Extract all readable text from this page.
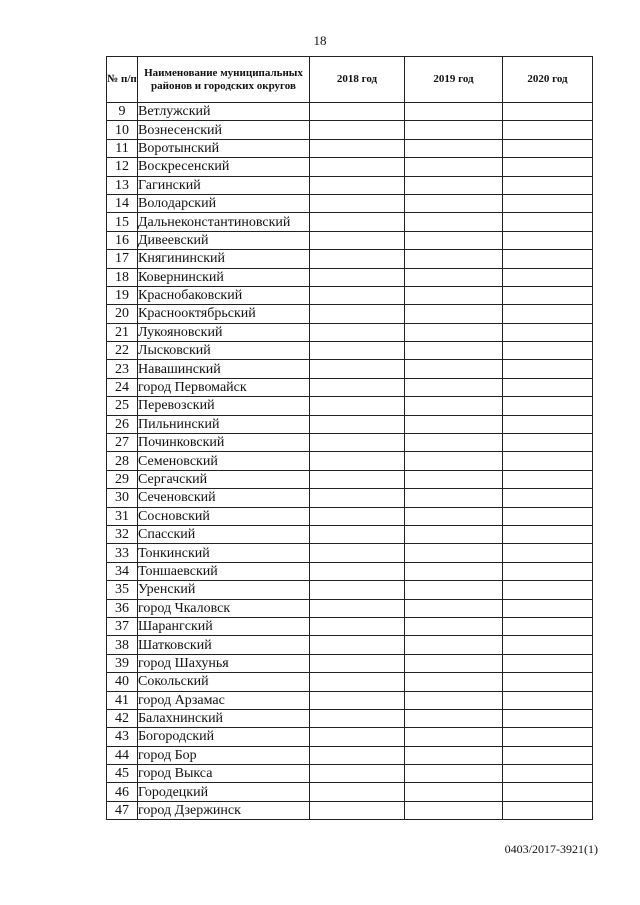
18
№ п/п	Наименование муниципальных районов и городских округов	2018 год	2019 год	2020 год
9	Ветлужский			
10	Вознесенский			
11	Воротынский			
12	Воскресенский			
13	Гагинский			
14	Володарский			
15	Дальнеконстантиновский			
16	Дивеевский			
17	Княгининский			
18	Ковернинский			
19	Краснобаковский			
20	Краснооктябрьский			
21	Лукояновский			
22	Лысковский			
23	Навашинский			
24	город Первомайск			
25	Перевозский			
26	Пильнинский			
27	Починковский			
28	Семеновский			
29	Сергачский			
30	Сеченовский			
31	Сосновский			
32	Спасский			
33	Тонкинский			
34	Тоншаевский			
35	Уренский			
36	город Чкаловск			
37	Шарангский			
38	Шатковский			
39	город Шахунья			
40	Сокольский			
41	город Арзамас			
42	Балахнинский			
43	Богородский			
44	город Бор			
45	город Выкса			
46	Городецкий			
47	город Дзержинск			
0403/2017-3921(1)
